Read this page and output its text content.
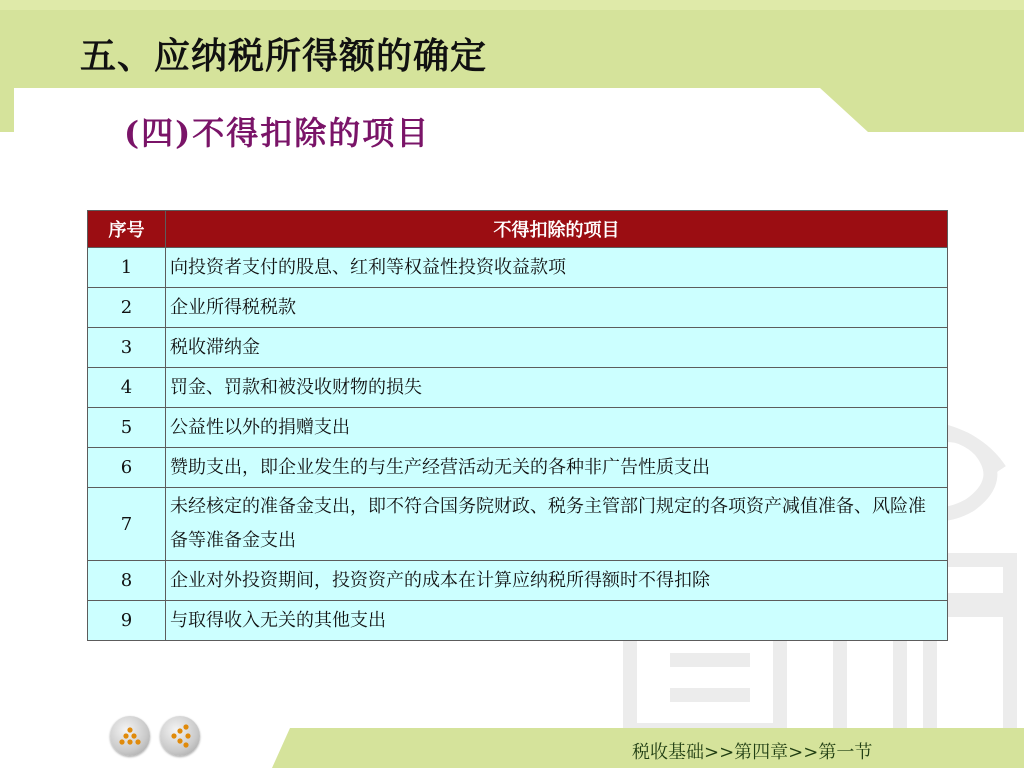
五、应纳税所得额的确定
(四)不得扣除的项目
序号	不得扣除的项目
1	向投资者支付的股息、红利等权益性投资收益款项
2	企业所得税税款
3	税收滞纳金
4	罚金、罚款和被没收财物的损失
5	公益性以外的捐赠支出
6	赞助支出，即企业发生的与生产经营活动无关的各种非广告性质支出
7	未经核定的准备金支出，即不符合国务院财政、税务主管部门规定的各项资产减值准备、风险准备等准备金支出
8	企业对外投资期间，投资资产的成本在计算应纳税所得额时不得扣除
9	与取得收入无关的其他支出
税收基础>>第四章>>第一节
